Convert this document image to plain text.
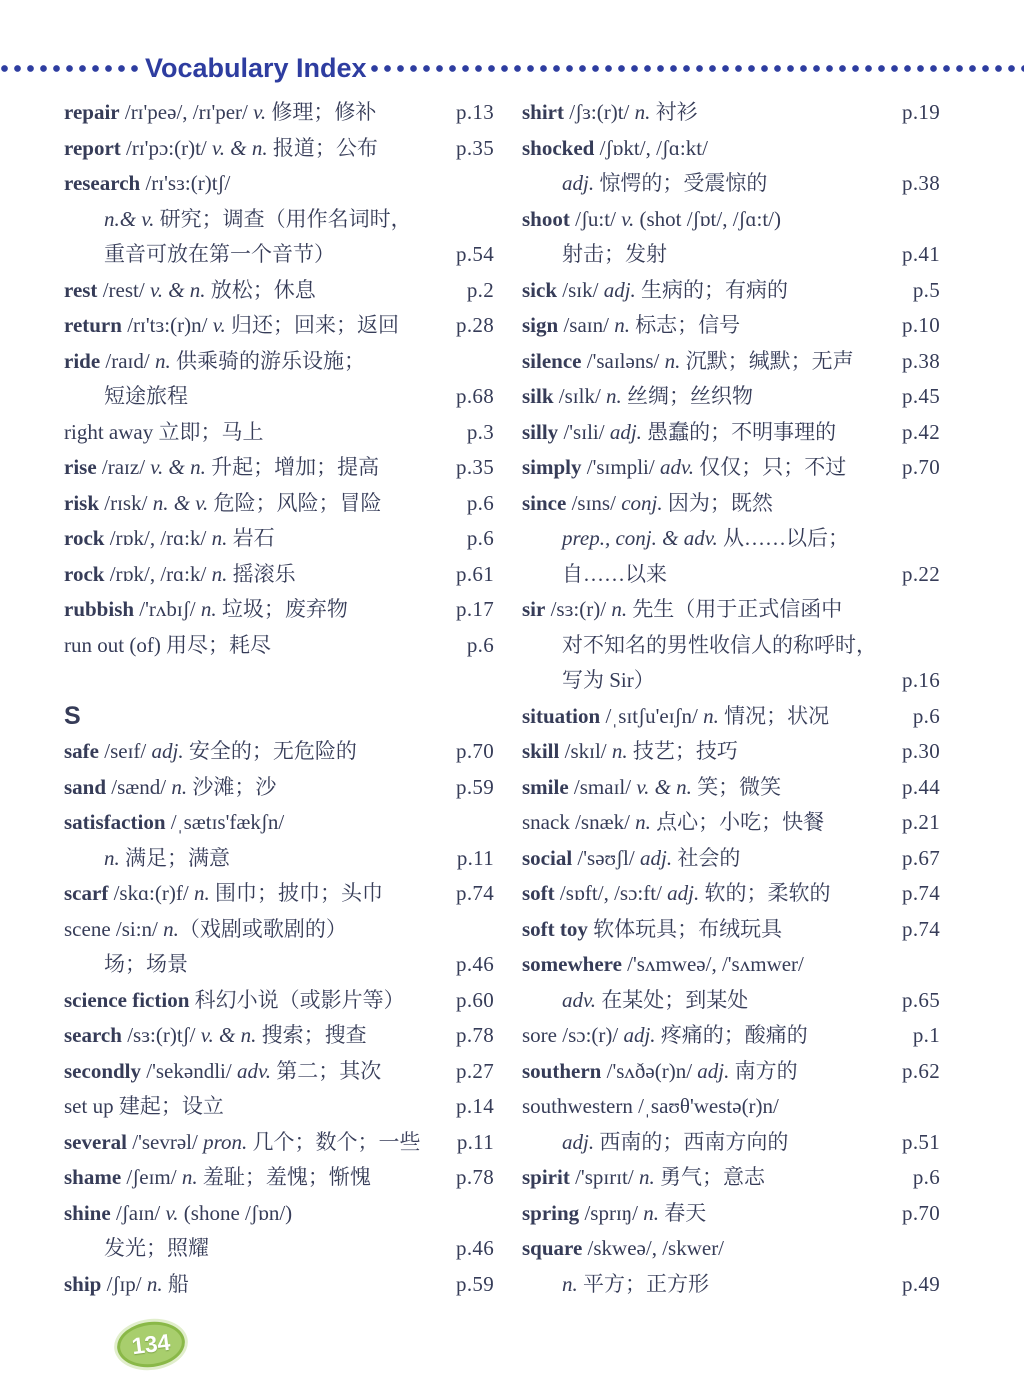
Vocabulary Index
repair /rɪ'peə/, /rɪ'per/ v. 修理；修补	p.13
report /rɪ'pɔ:(r)t/ v. & n. 报道；公布	p.35
research /rɪ'sɜ:(r)tʃ/
n.& v. 研究；调查（用作名词时，
重音可放在第一个音节）	p.54
rest /rest/ v. & n. 放松；休息	p.2
return /rɪ'tɜ:(r)n/ v. 归还；回来；返回	p.28
ride /raɪd/ n. 供乘骑的游乐设施；
短途旅程	p.68
right away 立即；马上	p.3
rise /raɪz/ v. & n. 升起；增加；提高	p.35
risk /rɪsk/ n. & v. 危险；风险；冒险	p.6
rock /rɒk/, /rɑ:k/ n. 岩石	p.6
rock /rɒk/, /rɑ:k/ n. 摇滚乐	p.61
rubbish /'rʌbɪʃ/ n. 垃圾；废弃物	p.17
run out (of) 用尽；耗尽	p.6
S
safe /seɪf/ adj. 安全的；无危险的	p.70
sand /sænd/ n. 沙滩；沙	p.59
satisfaction /ˌsætɪs'fækʃn/
n. 满足；满意	p.11
scarf /skɑ:(r)f/ n. 围巾；披巾；头巾	p.74
scene /si:n/ n.（戏剧或歌剧的）
场；场景	p.46
science fiction 科幻小说（或影片等） p.60
search /sɜ:(r)tʃ/ v. & n. 搜索；搜查	p.78
secondly /'sekəndli/ adv. 第二；其次	p.27
set up 建起；设立	p.14
several /'sevrəl/ pron. 几个；数个；一些 p.11
shame /ʃeɪm/ n. 羞耻；羞愧；惭愧	p.78
shine /ʃaɪn/ v. (shone /ʃɒn/)
发光；照耀	p.46
ship /ʃɪp/ n. 船	p.59
shirt /ʃɜ:(r)t/ n. 衬衫	p.19
shocked /ʃɒkt/, /ʃɑ:kt/
adj. 惊愕的；受震惊的	p.38
shoot /ʃu:t/ v. (shot /ʃɒt/, /ʃɑ:t/)
射击；发射	p.41
sick /sɪk/ adj. 生病的；有病的	p.5
sign /saɪn/ n. 标志；信号	p.10
silence /'saɪləns/ n. 沉默；缄默；无声 p.38
silk /sɪlk/ n. 丝绸；丝织物	p.45
silly /'sɪli/ adj. 愚蠢的；不明事理的	p.42
simply /'sɪmpli/ adv. 仅仅；只；不过	p.70
since /sɪns/ conj. 因为；既然
prep., conj. & adv. 从……以后；
自……以来	p.22
sir /sɜ:(r)/ n. 先生（用于正式信函中
对不知名的男性收信人的称呼时，
写为 Sir）	p.16
situation /ˌsɪtʃu'eɪʃn/ n. 情况；状况	p.6
skill /skɪl/ n. 技艺；技巧	p.30
smile /smaɪl/ v. & n. 笑；微笑	p.44
snack /snæk/ n. 点心；小吃；快餐	p.21
social /'səʊʃl/ adj. 社会的	p.67
soft /sɒft/, /sɔ:ft/ adj. 软的；柔软的	p.74
soft toy 软体玩具；布绒玩具	p.74
somewhere /'sʌmweə/, /'sʌmwer/
adv. 在某处；到某处	p.65
sore /sɔ:(r)/ adj. 疼痛的；酸痛的	p.1
southern /'sʌðə(r)n/ adj. 南方的	p.62
southwestern /ˌsaʊθ'westə(r)n/
adj. 西南的；西南方向的	p.51
spirit /'spɪrɪt/ n. 勇气；意志	p.6
spring /sprɪŋ/ n. 春天	p.70
square /skweə/, /skwer/
n. 平方；正方形	p.49
134
